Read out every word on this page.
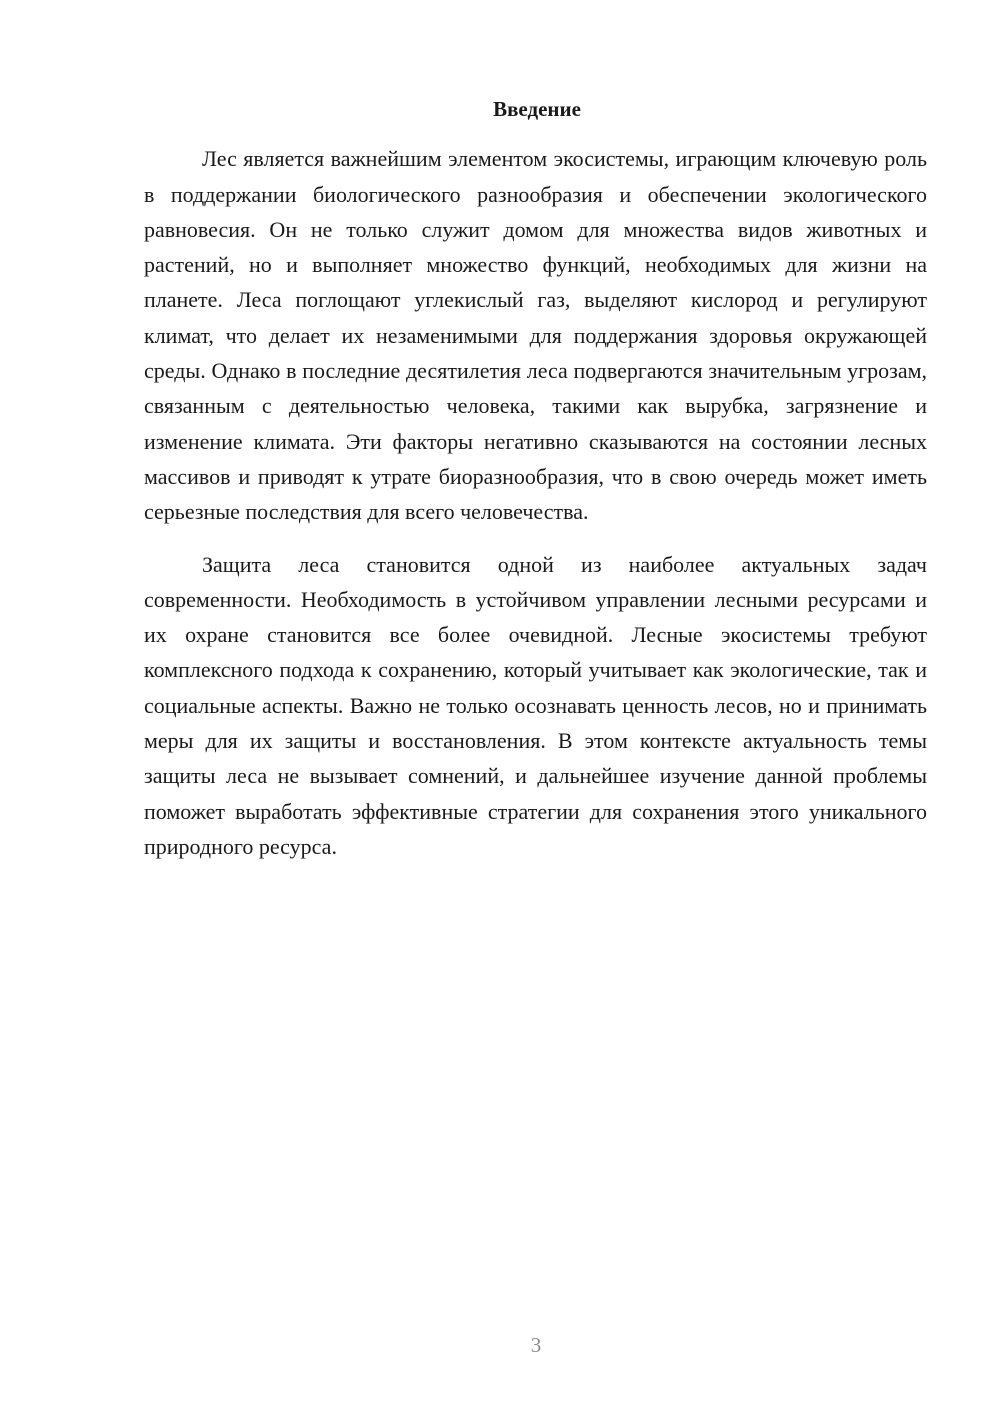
Введение

Лес является важнейшим элементом экосистемы, играющим ключевую роль в поддержании биологического разнообразия и обеспечении экологического равновесия. Он не только служит домом для множества видов животных и растений, но и выполняет множество функций, необходимых для жизни на планете. Леса поглощают углекислый газ, выделяют кислород и регулируют климат, что делает их незаменимыми для поддержания здоровья окружающей среды. Однако в последние десятилетия леса подвергаются значительным угрозам, связанным с деятельностью человека, такими как вырубка, загрязнение и изменение климата. Эти факторы негативно сказываются на состоянии лесных массивов и приводят к утрате биоразнообразия, что в свою очередь может иметь серьезные последствия для всего человечества.

Защита леса становится одной из наиболее актуальных задач современности. Необходимость в устойчивом управлении лесными ресурсами и их охране становится все более очевидной. Лесные экосистемы требуют комплексного подхода к сохранению, который учитывает как экологические, так и социальные аспекты. Важно не только осознавать ценность лесов, но и принимать меры для их защиты и восстановления. В этом контексте актуальность темы защиты леса не вызывает сомнений, и дальнейшее изучение данной проблемы поможет выработать эффективные стратегии для сохранения этого уникального природного ресурса.

3
